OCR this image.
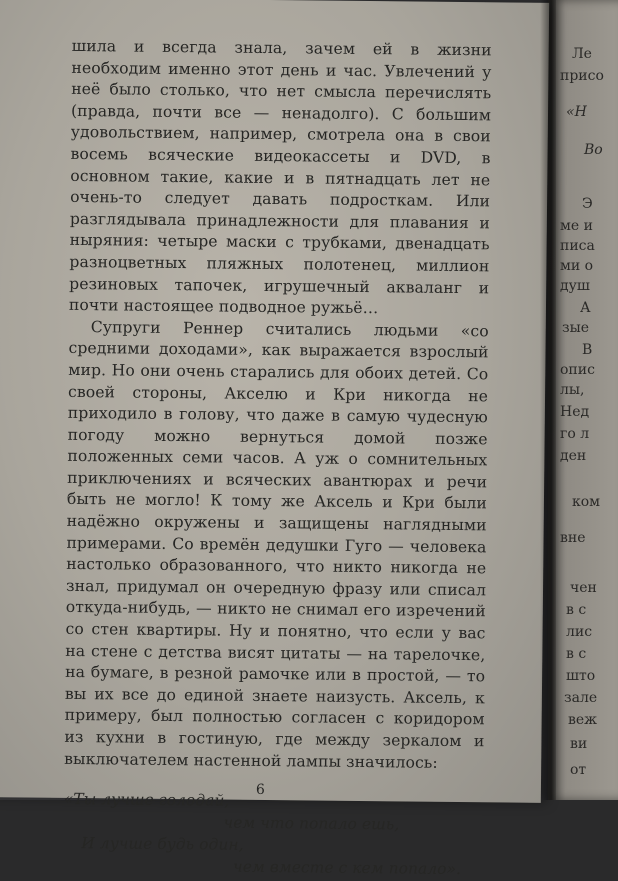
Ле
присо
«Н
Во
Э
ме и
писа
ми о
душ
А
зые
В
опис
лы,
Нед
го л
ден
ком
вне
чен
в с
лис
в с
што
зале
веж
ви
от

шила и всегда знала, зачем ей в жизни необходим именно этот день и час. Увлечений у неё было столько, что нет смысла перечислять (правда, почти все — ненадолго). С большим удовольствием, например, смотрела она в свои восемь всяческие видеокассеты и DVD, в основном такие, какие и в пятнадцать лет не очень-то следует давать подросткам. Или разглядывала принадлежности для плавания и ныряния: четыре маски с трубками, двенадцать разноцветных пляжных полотенец, миллион резиновых тапочек, игрушечный акваланг и почти настоящее подводное ружьё…

Супруги Реннер считались людьми «со средними доходами», как выражается взрослый мир. Но они очень старались для обоих детей. Со своей стороны, Акселю и Кри никогда не приходило в голову, что даже в самую чудесную погоду можно вернуться домой позже положенных семи часов. А уж о сомнительных приключениях и всяческих авантюрах и речи быть не могло! К тому же Аксель и Кри были надёжно окружены и защищены наглядными примерами. Со времён дедушки Гуго — человека настолько образованного, что никто никогда не знал, придумал он очередную фразу или списал откуда-нибудь, — никто не снимал его изречений со стен квартиры. Ну и понятно, что если у вас на стене с детства висят цитаты — на тарелочке, на бумаге, в резной рамочке или в простой, — то вы их все до единой знаете наизусть. Аксель, к примеру, был полностью согласен с коридором из кухни в гостиную, где между зеркалом и выключателем настенной лампы значилось:

«Ты лучше голодай,
чем что попало ешь,
И лучше будь один,
чем вместе с кем попало».
6
